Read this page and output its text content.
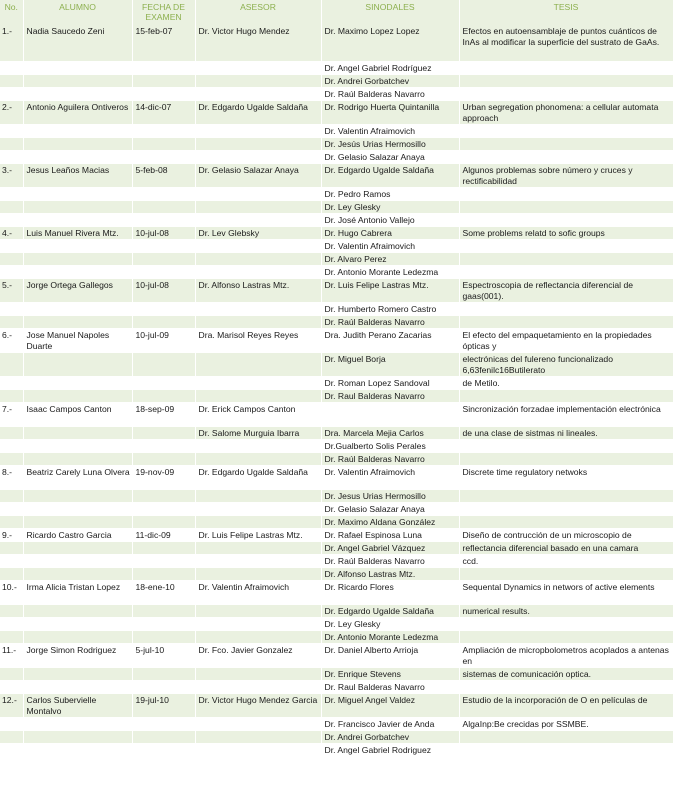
No.	ALUMNO	FECHA DE EXAMEN	ASESOR	SINODALES	TESIS
1.-	Nadia Saucedo Zeni	15-feb-07	Dr. Victor Hugo Mendez	Dr. Maximo Lopez Lopez	Efectos en autoensamblaje de puntos cuánticos de InAs al modificar la superficie del sustrato de GaAs.
				Dr. Angel Gabriel Rodríguez	
				Dr. Andrei Gorbatchev	
				Dr. Raúl Balderas Navarro	
2.-	Antonio Aguilera Ontiveros	14-dic-07	Dr. Edgardo Ugalde Saldaña	Dr. Rodrigo Huerta Quintanilla	Urban segregation phonomena: a cellular automata approach
				Dr. Valentin Afraimovich	
				Dr. Jesús Urias Hermosillo	
				Dr. Gelasio Salazar Anaya	
3.-	Jesus Leaños Macias	5-feb-08	Dr. Gelasio Salazar Anaya	Dr. Edgardo Ugalde Saldaña	Algunos problemas sobre número y cruces y rectificabilidad
				Dr. Pedro Ramos	
				Dr. Ley Glesky	
				Dr. José Antonio Vallejo	
4.-	Luis Manuel Rivera Mtz.	10-jul-08	Dr. Lev Glebsky	Dr. Hugo Cabrera	Some problems relatd to sofic groups
				Dr. Valentin Afraimovich	
				Dr. Alvaro Perez	
				Dr. Antonio Morante Ledezma	
5.-	Jorge Ortega Gallegos	10-jul-08	Dr. Alfonso Lastras Mtz.	Dr. Luis Felipe Lastras Mtz.	Espectroscopia de reflectancia diferencial de gaas(001).
				Dr. Humberto Romero Castro	
				Dr. Raúl Balderas Navarro	
6.-	Jose Manuel Napoles Duarte	10-jul-09	Dra. Marisol Reyes Reyes	Dra. Judith Perano Zacarias	El efecto del empaquetamiento en la propiedades ópticas y
				Dr. Miguel Borja	electrónicas del fulereno funcionalizado 6,63fenilc16Butilerato
				Dr. Roman Lopez Sandoval	de Metilo.
				Dr. Raul Balderas Navarro	
7.-	Isaac Campos Canton	18-sep-09	Dr. Erick Campos Canton		Sincronización forzadae implementación electrónica
			Dr. Salome Murguia Ibarra	Dra. Marcela Mejia Carlos	de una clase de sistmas ni lineales.
				Dr.Gualberto Solis Perales	
				Dr. Raúl Balderas Navarro	
8.-	Beatriz Carely Luna Olvera	19-nov-09	Dr. Edgardo Ugalde Saldaña	Dr. Valentin Afraimovich	Discrete time regulatory netwoks
				Dr. Jesus Urias Hermosillo	
				Dr. Gelasio Salazar Anaya	
				Dr. Maximo Aldana González	
9.-	Ricardo Castro Garcia	11-dic-09	Dr. Luis Felipe Lastras Mtz.	Dr. Rafael Espinosa Luna	Diseño de contrucción de un microscopio de
				Dr. Angel Gabriel Vázquez	reflectancia diferencial basado en una camara
				Dr. Raúl Balderas Navarro	ccd.
				Dr. Alfonso Lastras Mtz.	
10.-	Irma Alicia Tristan Lopez	18-ene-10	Dr. Valentin Afraimovich	Dr. Ricardo Flores	Sequental Dynamics in networs of active elements
				Dr. Edgardo Ugalde Saldaña	numerical results.
				Dr. Ley Glesky	
				Dr. Antonio Morante Ledezma	
11.-	Jorge Simon Rodriguez	5-jul-10	Dr. Fco. Javier Gonzalez	Dr. Daniel Alberto Arrioja	Ampliación de micropbolometros acoplados a antenas en
				Dr. Enrique Stevens	sistemas de comunicación optica.
				Dr. Raul Balderas Navarro	
12.-	Carlos Subervielle Montalvo	19-jul-10	Dr. Victor Hugo Mendez Garcia	Dr. Miguel Angel Valdez	Estudio de la incorporación de O en películas de
				Dr. Francisco Javier de Anda	AlgaInp:Be crecidas por SSMBE.
				Dr. Andrei Gorbatchev	
				Dr. Angel Gabriel Rodriguez	
